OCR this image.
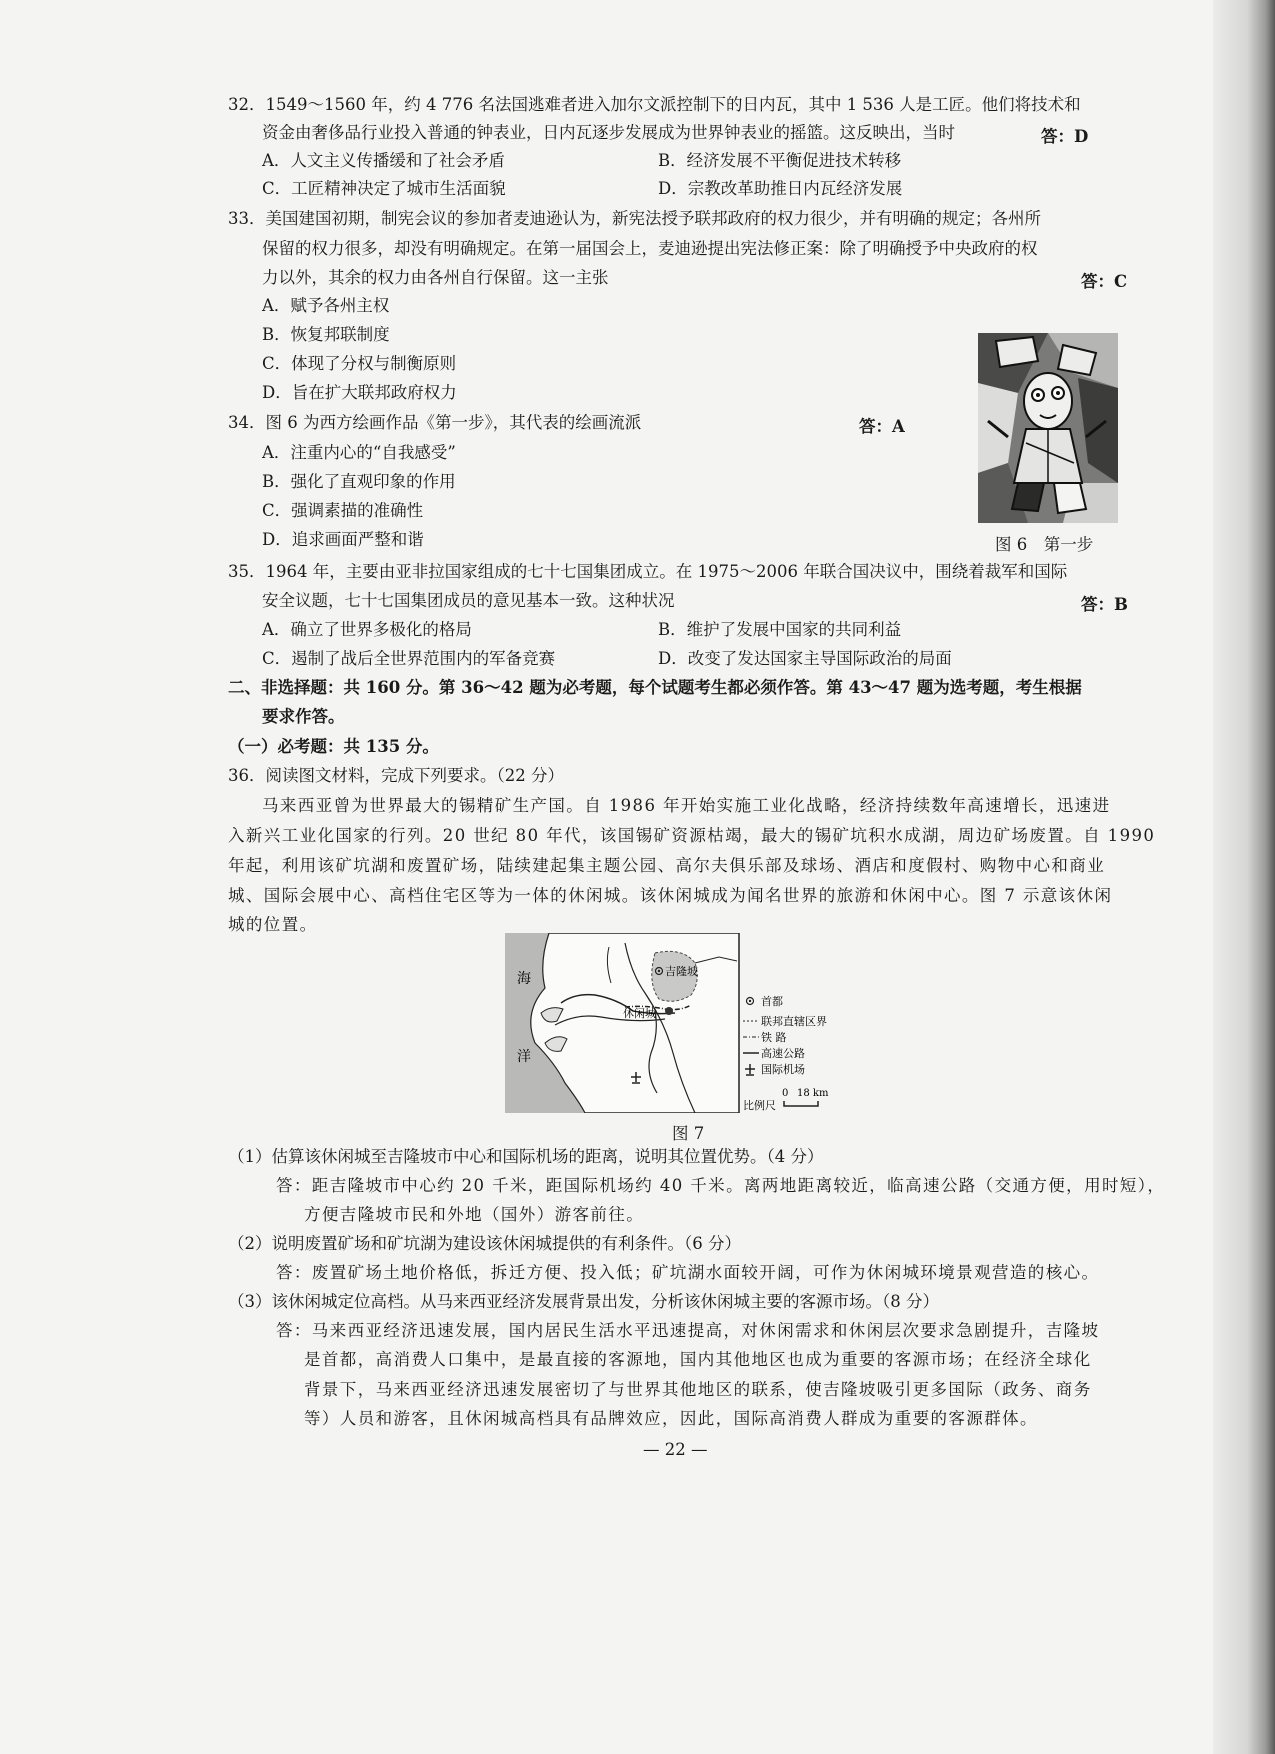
32．1549～1560 年，约 4 776 名法国逃难者进入加尔文派控制下的日内瓦，其中 1 536 人是工匠。他们将技术和
资金由奢侈品行业投入普通的钟表业，日内瓦逐步发展成为世界钟表业的摇篮。这反映出，当时	答：D
A．人文主义传播缓和了社会矛盾	B．经济发展不平衡促进技术转移
C．工匠精神决定了城市生活面貌	D．宗教改革助推日内瓦经济发展
33．美国建国初期，制宪会议的参加者麦迪逊认为，新宪法授予联邦政府的权力很少，并有明确的规定；各州所
保留的权力很多，却没有明确规定。在第一届国会上，麦迪逊提出宪法修正案：除了明确授予中央政府的权
力以外，其余的权力由各州自行保留。这一主张	答：C
A．赋予各州主权
B．恢复邦联制度
C．体现了分权与制衡原则
D．旨在扩大联邦政府权力
34．图 6 为西方绘画作品《第一步》，其代表的绘画流派	答：A
A．注重内心的“自我感受”
B．强化了直观印象的作用
C．强调素描的准确性
D．追求画面严整和谐	图 6　第一步
35．1964 年，主要由亚非拉国家组成的七十七国集团成立。在 1975～2006 年联合国决议中，围绕着裁军和国际
安全议题，七十七国集团成员的意见基本一致。这种状况	答：B
A．确立了世界多极化的格局	B．维护了发展中国家的共同利益
C．遏制了战后全世界范围内的军备竞赛	D．改变了发达国家主导国际政治的局面
二、非选择题：共 160 分。第 36～42 题为必考题，每个试题考生都必须作答。第 43～47 题为选考题，考生根据
要求作答。
（一）必考题：共 135 分。
36．阅读图文材料，完成下列要求。（22 分）
马来西亚曾为世界最大的锡精矿生产国。自 1986 年开始实施工业化战略，经济持续数年高速增长，迅速进
入新兴工业化国家的行列。20 世纪 80 年代，该国锡矿资源枯竭，最大的锡矿坑积水成湖，周边矿场废置。自 1990
年起，利用该矿坑湖和废置矿场，陆续建起集主题公园、高尔夫俱乐部及球场、酒店和度假村、购物中心和商业
城、国际会展中心、高档住宅区等为一体的休闲城。该休闲城成为闻名世界的旅游和休闲中心。图 7 示意该休闲
城的位置。
海
洋
吉隆坡
休闲城
首都
联邦直辖区界
铁 路
高速公路
国际机场
比例尺
0 18 km
图 7
（1）估算该休闲城至吉隆坡市中心和国际机场的距离，说明其位置优势。（4 分）
答：距吉隆坡市中心约 20 千米，距国际机场约 40 千米。离两地距离较近，临高速公路（交通方便，用时短），
方便吉隆坡市民和外地（国外）游客前往。
（2）说明废置矿场和矿坑湖为建设该休闲城提供的有利条件。（6 分）
答：废置矿场土地价格低，拆迁方便、投入低；矿坑湖水面较开阔，可作为休闲城环境景观营造的核心。
（3）该休闲城定位高档。从马来西亚经济发展背景出发，分析该休闲城主要的客源市场。（8 分）
答：马来西亚经济迅速发展，国内居民生活水平迅速提高，对休闲需求和休闲层次要求急剧提升，吉隆坡
是首都，高消费人口集中，是最直接的客源地，国内其他地区也成为重要的客源市场；在经济全球化
背景下，马来西亚经济迅速发展密切了与世界其他地区的联系，使吉隆坡吸引更多国际（政务、商务
等）人员和游客，且休闲城高档具有品牌效应，因此，国际高消费人群成为重要的客源群体。
— 22 —
